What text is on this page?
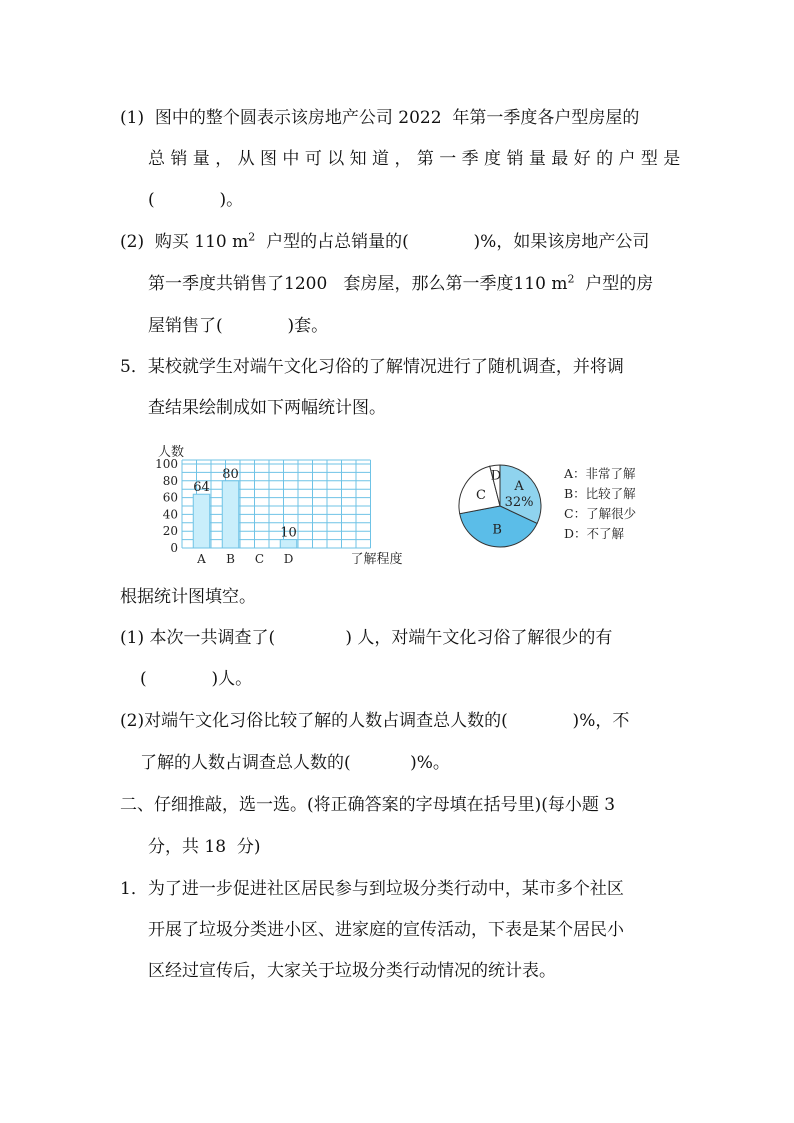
(1)  图中的整个圆表示该房地产公司 2022  年第一季度各户型房屋的
总 销 量 ， 从 图 中 可 以 知 道 ， 第 一 季 度 销 量 最 好 的 户 型 是
(            )。
(2)  购买 110 $m^2$  户型的占总销量的(            )%，如果该房地产公司
第一季度共销售了1200   套房屋，那么第一季度110 $m^2$  户型的房
屋销售了(            )套。
5．某校就学生对端午文化习俗的了解情况进行了随机调查，并将调
查结果绘制成如下两幅统计图。
人数
0
20
40
60
80
100
64
A
80
B C
10
D	了解程度
A
32%
B
C
D	A：非常了解
B：比较了解
C：了解很少
D：不了解
根据统计图填空。
(1) 本次一共调查了(             ) 人，对端午文化习俗了解很少的有
(            )人。
(2)对端午文化习俗比较了解的人数占调查总人数的(            )%，不
了解的人数占调查总人数的(           )%。
二、仔细推敲，选一选。(将正确答案的字母填在括号里)(每小题 3
分，共 18  分)
1．为了进一步促进社区居民参与到垃圾分类行动中，某市多个社区
开展了垃圾分类进小区、进家庭的宣传活动，下表是某个居民小
区经过宣传后，大家关于垃圾分类行动情况的统计表。
